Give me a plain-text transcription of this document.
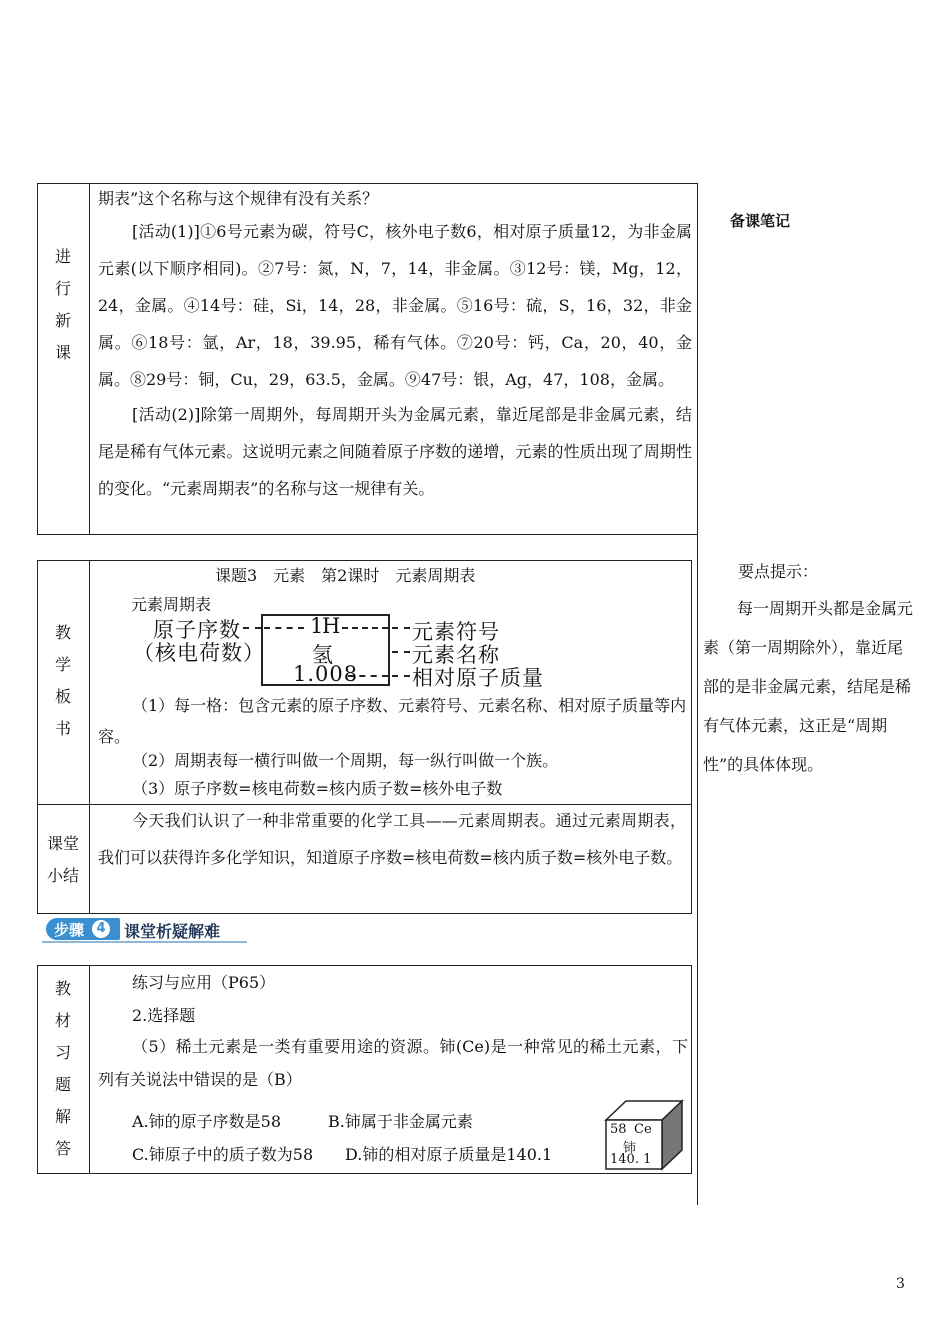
进
行
新
课
期表”这个名称与这个规律有没有关系？
[活动(1)]①6号元素为碳，符号C，核外电子数6，相对原子质量12，为非金属元素(以下顺序相同)。②7号：氮，N，7，14，非金属。③12号：镁，Mg，12，24，金属。④14号：硅，Si，14，28，非金属。⑤16号：硫，S，16，32，非金属。⑥18号：氩，Ar，18，39.95，稀有气体。⑦20号：钙，Ca，20，40，金属。⑧29号：铜，Cu，29，63.5，金属。⑨47号：银，Ag，47，108，金属。
[活动(2)]除第一周期外，每周期开头为金属元素，靠近尾部是非金属元素，结尾是稀有气体元素。这说明元素之间随着原子序数的递增，元素的性质出现了周期性的变化。“元素周期表”的名称与这一规律有关。
备课笔记
要点提示：
每一周期开头都是金属元素（第一周期除外），靠近尾部的是非金属元素，结尾是稀有气体元素，这正是“周期性”的具体体现。
教
学
板
书
课题3　元素　第2课时　元素周期表
元素周期表
原子序数
（核电荷数）
1
H
氢
1.008
元素符号
元素名称
相对原子质量
（1）每一格：包含元素的原子序数、元素符号、元素名称、相对原子质量等内容。
（2）周期表每一横行叫做一个周期，每一纵行叫做一个族。
（3）原子序数=核电荷数=核内质子数=核外电子数
课堂
小结
今天我们认识了一种非常重要的化学工具——元素周期表。通过元素周期表，我们可以获得许多化学知识，知道原子序数=核电荷数=核内质子数=核外电子数。
步骤 4 课堂析疑解难
教
材
习
题
解
答
练习与应用（P65）
2.选择题
（5）稀土元素是一类有重要用途的资源。铈(Ce)是一种常见的稀土元素，下列有关说法中错误的是（B）
A.铈的原子序数是58	B.铈属于非金属元素
C.铈原子中的质子数为58 D.铈的相对原子质量是140.1
58 Ce
铈
140. 1
3
